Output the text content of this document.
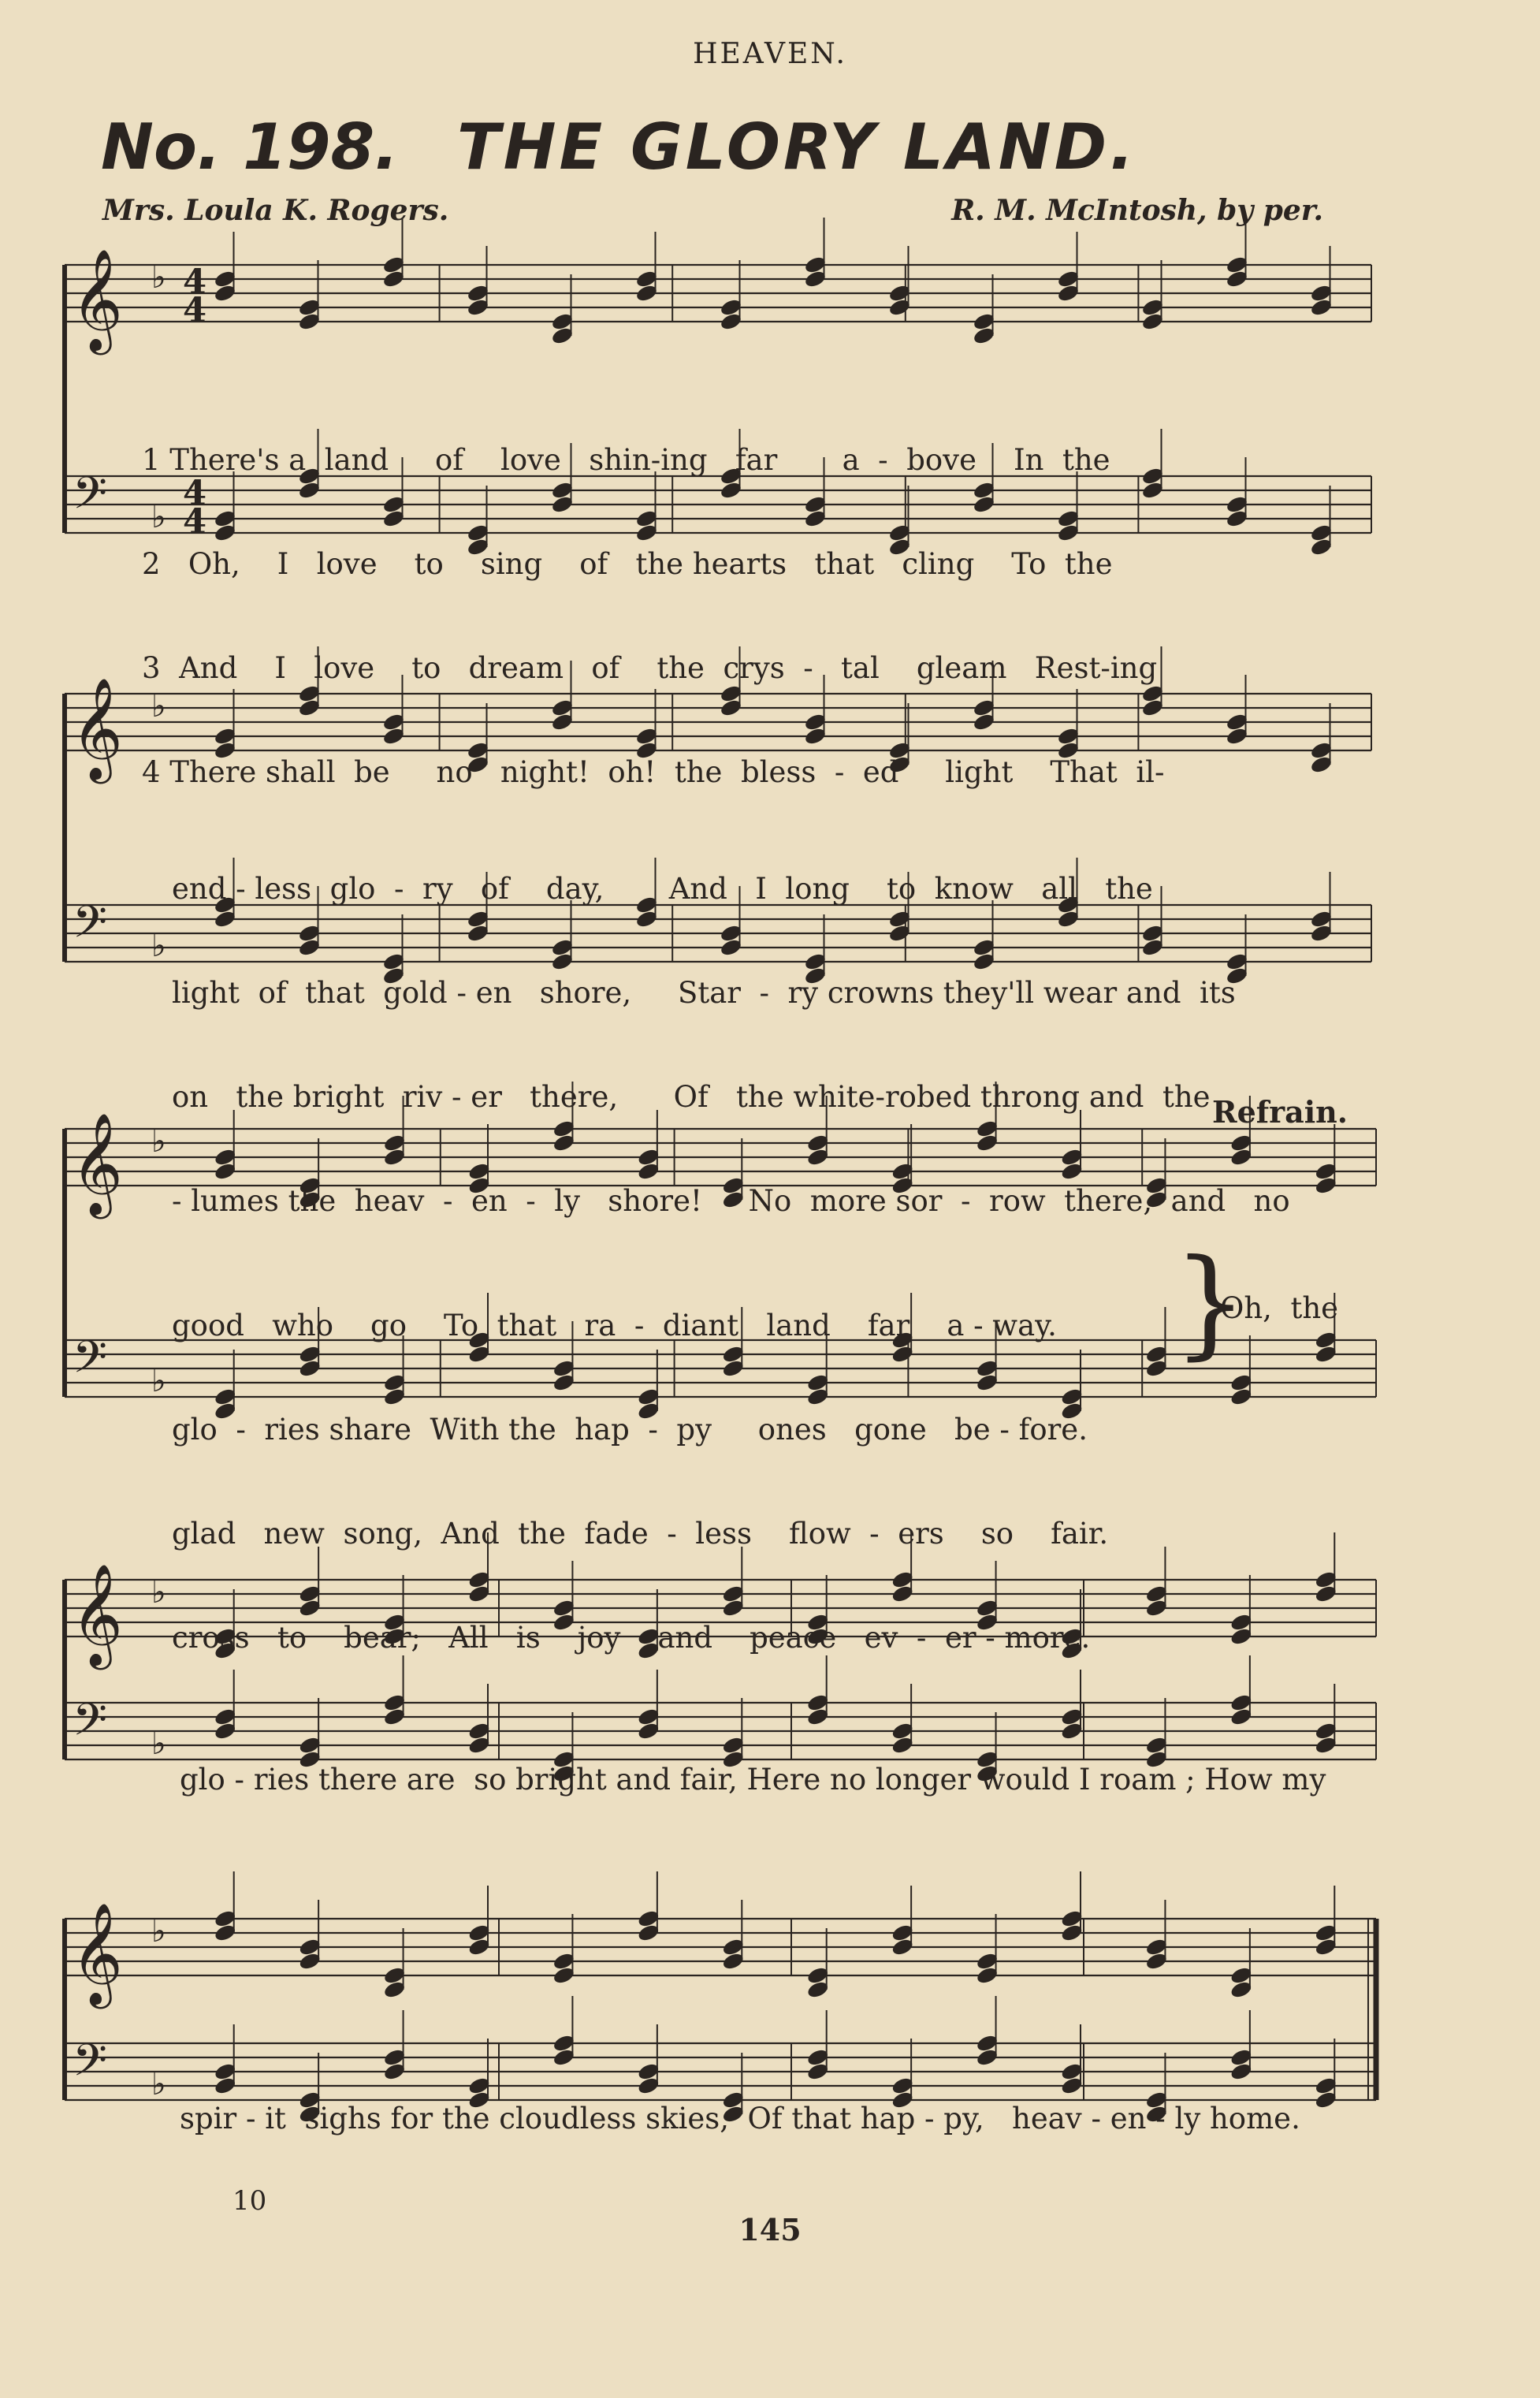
HEAVEN.
No. 198. THE GLORY LAND.
Mrs. Loula K. Rogers.	R. M. McIntosh, by per.
𝄞
𝄢
♭
♭
4
4
4
4
𝄞
𝄢
♭
♭
𝄞
𝄢
♭
♭
𝄞
𝄢
♭
♭
𝄞
𝄢
♭
♭

1 There's a  land     of    love   shin-ing   far       a  -  bove    In  the

2   Oh,    I   love    to    sing    of   the hearts   that   cling    To  the

3  And    I   love    to   dream   of    the  crys  -   tal    gleam   Rest-ing

4 There shall  be     no   night!  oh!  the  bless  -  ed     light    That  il-

end - less  glo  -  ry   of    day,       And   I  long    to  know   all   the

light  of  that  gold - en   shore,     Star  -  ry crowns they'll wear and  its

on   the bright  riv - er   there,      Of   the white-robed throng and  the

- lumes the  heav  -  en  -  ly   shore!     No  more sor  -  row  there,  and   no

Refrain.

good   who    go    To  that   ra  -  diant   land    far    a - way.

glo  -  ries share  With the  hap  -  py     ones   gone   be - fore.

glad   new  song,  And  the  fade  -  less    flow  -  ers    so    fair.

cross   to    bear;   All   is    joy    and    peace   ev  -  er - more.

}
Oh,  the

glo - ries there are  so bright and fair, Here no longer would I roam ; How my

spir - it  sighs for the cloudless skies,  Of that hap - py,   heav - en - ly home.

10
145
